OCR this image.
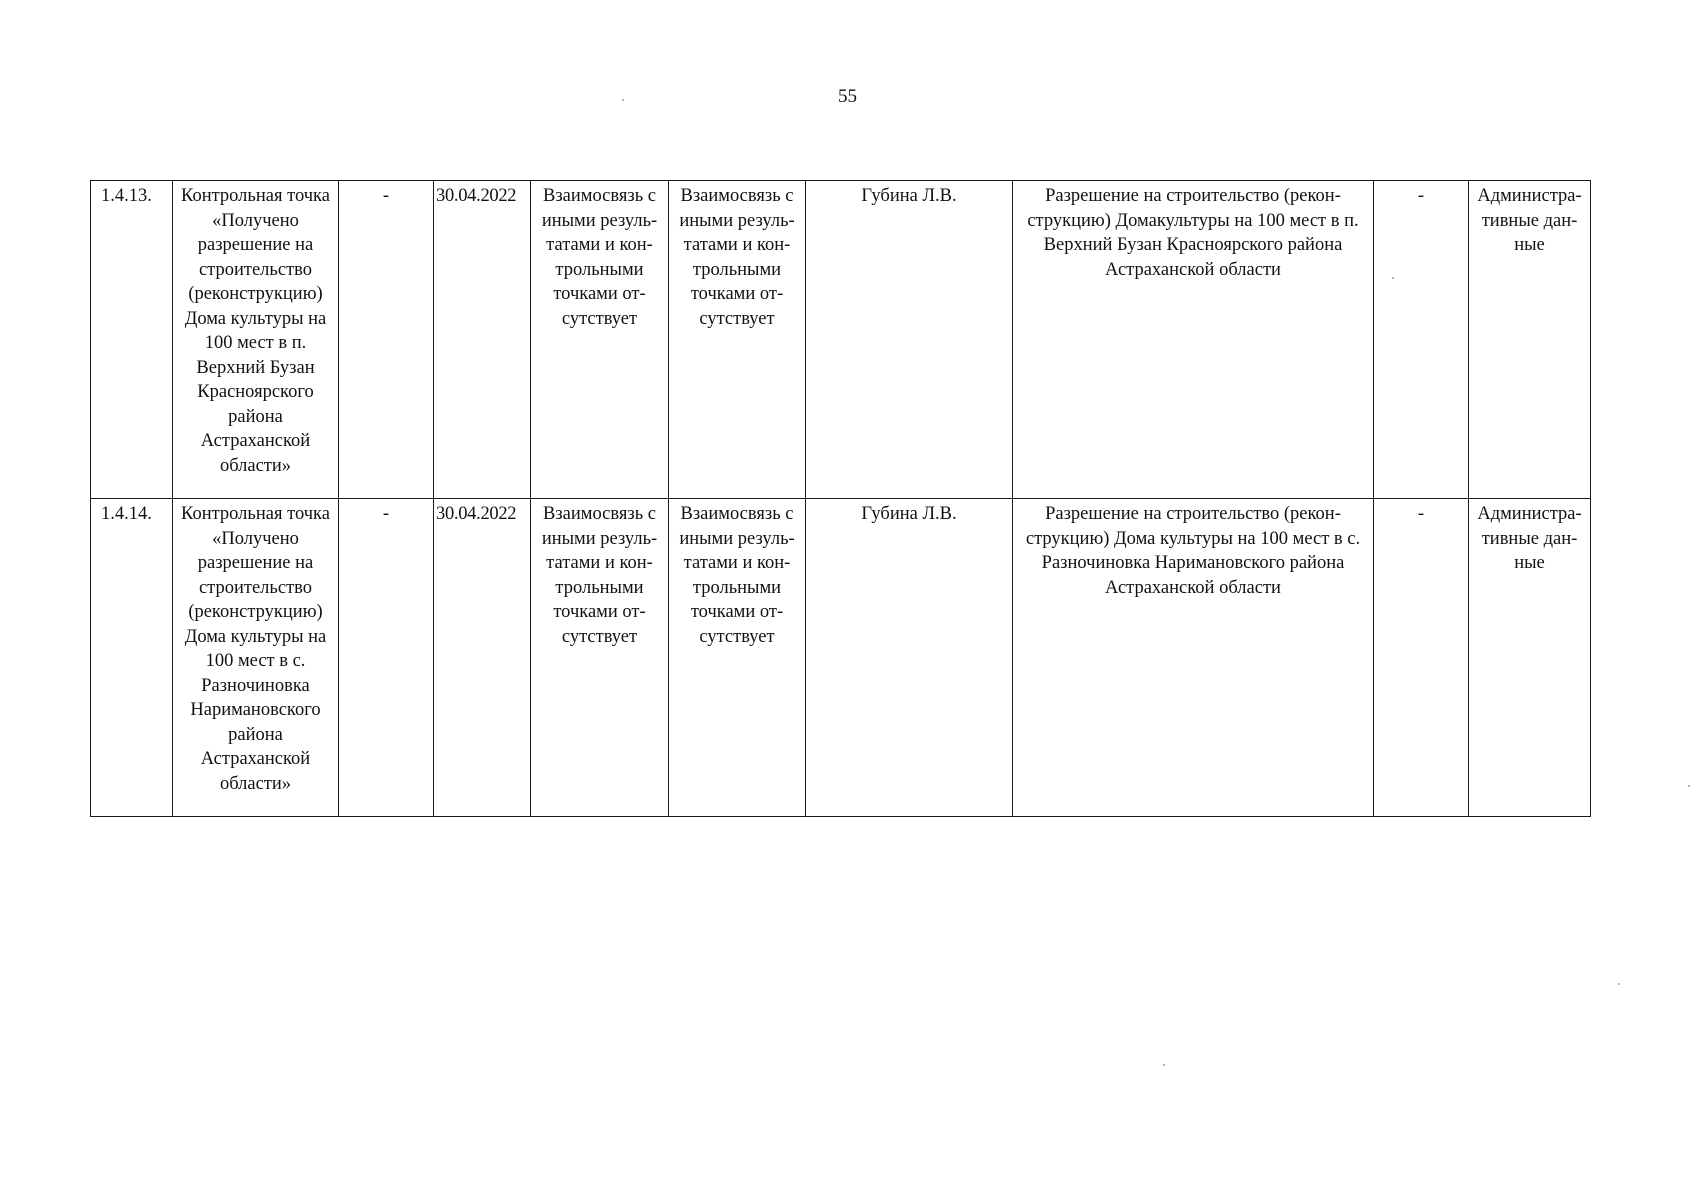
55
1.4.13.	Контрольная точка «Получено разрешение на строительство (реконструкцию) Дома культуры на 100 мест в п. Верхний Бузан Красноярского района Астраханской области»	-	30.04.2022	Взаимосвязь с иными резуль-татами и кон-трольными точками от-сутствует	Взаимосвязь с иными резуль-татами и кон-трольными точками от-сутствует	Губина Л.В.	Разрешение на строительство (рекон-струкцию) Домакультуры на 100 мест в п. Верхний Бузан Красноярского района Астраханской области	-	Администра-тивные дан-ные
1.4.14.	Контрольная точка «Получено разрешение на строительство (реконструкцию) Дома культуры на 100 мест в с. Разночиновка Наримановского района Астраханской области»	-	30.04.2022	Взаимосвязь с иными резуль-татами и кон-трольными точками от-сутствует	Взаимосвязь с иными резуль-татами и кон-трольными точками от-сутствует	Губина Л.В.	Разрешение на строительство (рекон-струкцию) Дома культуры на 100 мест в с. Разночиновка Наримановского района Астраханской области	-	Администра-тивные дан-ные
